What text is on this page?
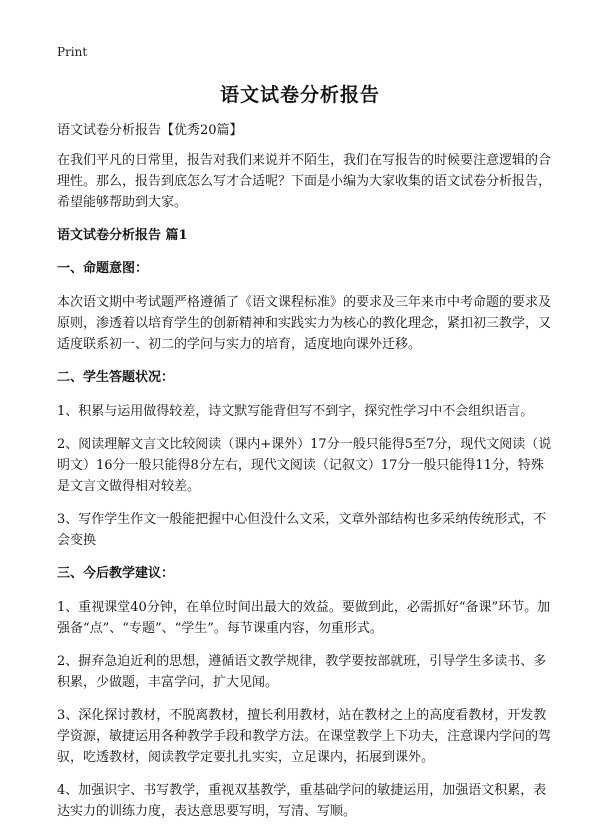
Print
语文试卷分析报告

语文试卷分析报告【优秀20篇】

在我们平凡的日常里，报告对我们来说并不陌生，我们在写报告的时候要注意逻辑的合理性。那么，报告到底怎么写才合适呢？下面是小编为大家收集的语文试卷分析报告，希望能够帮助到大家。

语文试卷分析报告 篇1

一、命题意图：

本次语文期中考试题严格遵循了《语文课程标准》的要求及三年来市中考命题的要求及原则，渗透着以培育学生的创新精神和实践实力为核心的教化理念，紧扣初三教学，又适度联系初一、初二的学问与实力的培育，适度地向课外迁移。

二、学生答题状况：

1、积累与运用做得较差，诗文默写能背但写不到字，探究性学习中不会组织语言。

2、阅读理解文言文比较阅读（课内+课外）17分一般只能得5至7分，现代文阅读（说明文）16分一般只能得8分左右，现代文阅读（记叙文）17分一般只能得11分，特殊是文言文做得相对较差。

3、写作学生作文一般能把握中心但没什么文采，文章外部结构也多采纳传统形式，不会变换

三、今后教学建议：

1、重视课堂40分钟，在单位时间出最大的效益。要做到此，必需抓好“备课”环节。加强备“点”、“专题”、“学生”。每节课重内容，勿重形式。

2、摒弃急迫近利的思想，遵循语文教学规律，教学要按部就班，引导学生多读书、多积累，少做题，丰富学问，扩大见闻。

3、深化探讨教材，不脱离教材，擅长利用教材，站在教材之上的高度看教材，开发教学资源，敏捷运用各种教学手段和教学方法。在课堂教学上下功夫，注意课内学问的驾驭，吃透教材，阅读教学定要扎扎实实，立足课内，拓展到课外。

4、加强识字、书写教学，重视双基教学，重基础学问的敏捷运用，加强语文积累，表达实力的训练力度，表达意思要写明，写清、写顺。
